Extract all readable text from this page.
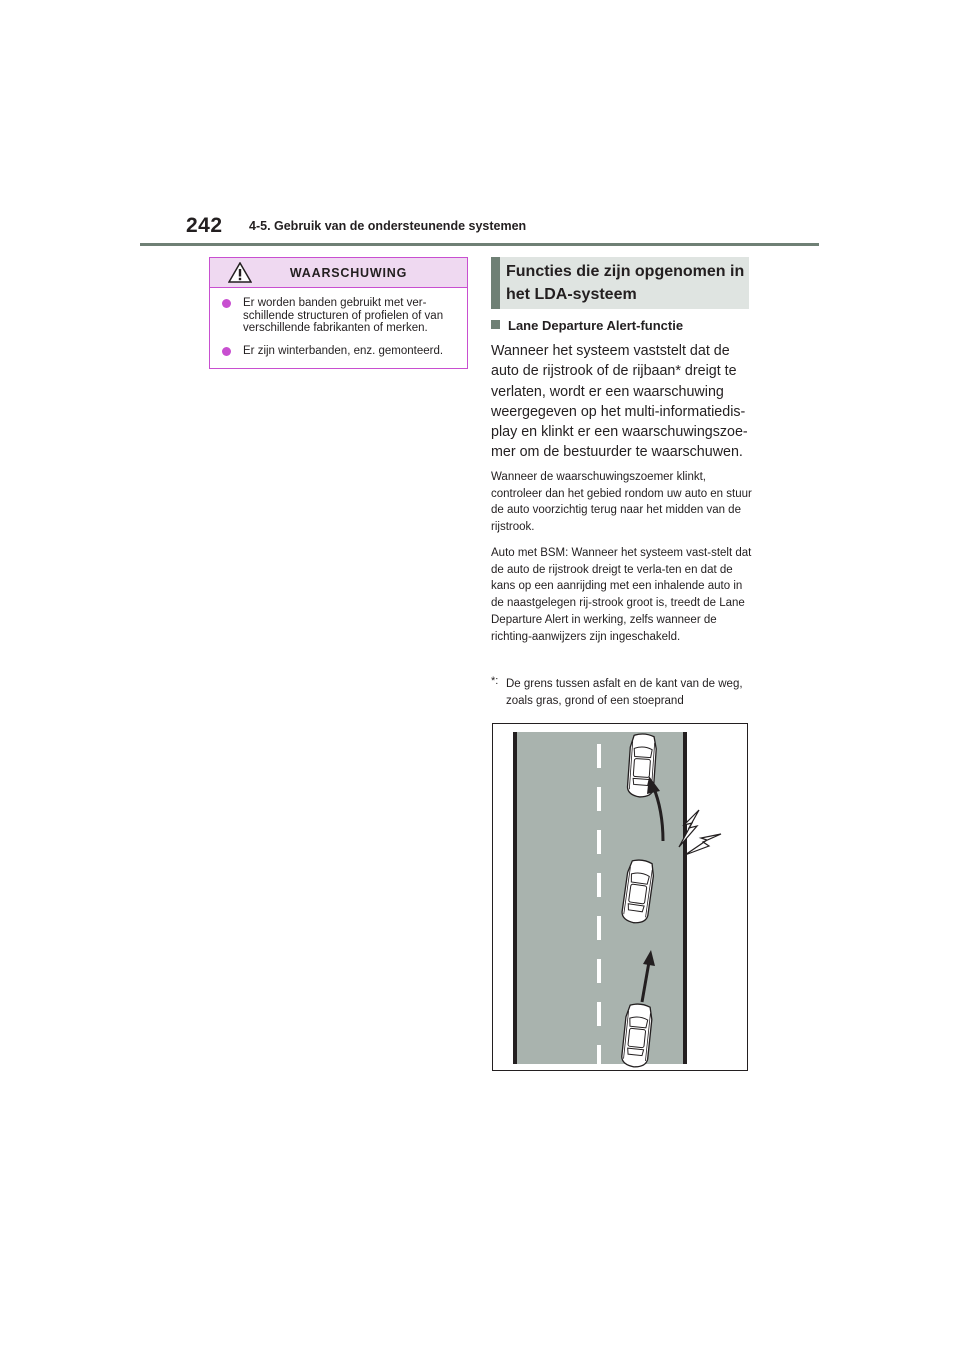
242 4-5. Gebruik van de ondersteunende systemen
WAARSCHUWING
Er worden banden gebruikt met ver-schillende structuren of profielen of van verschillende fabrikanten of merken.
Er zijn winterbanden, enz. gemonteerd.
Functies die zijn opgenomen in het LDA-systeem
Lane Departure Alert-functie
Wanneer het systeem vaststelt dat de auto de rijstrook of de rijbaan* dreigt te verlaten, wordt er een waarschuwing weergegeven op het multi-informatiedis-play en klinkt er een waarschuwingszoe-mer om de bestuurder te waarschuwen.
Wanneer de waarschuwingszoemer klinkt, controleer dan het gebied rondom uw auto en stuur de auto voorzichtig terug naar het midden van de rijstrook.
Auto met BSM: Wanneer het systeem vast-stelt dat de auto de rijstrook dreigt te verla-ten en dat de kans op een aanrijding met een inhalende auto in de naastgelegen rij-strook groot is, treedt de Lane Departure Alert in werking, zelfs wanneer de richting-aanwijzers zijn ingeschakeld.
*: De grens tussen asfalt en de kant van de weg, zoals gras, grond of een stoeprand
